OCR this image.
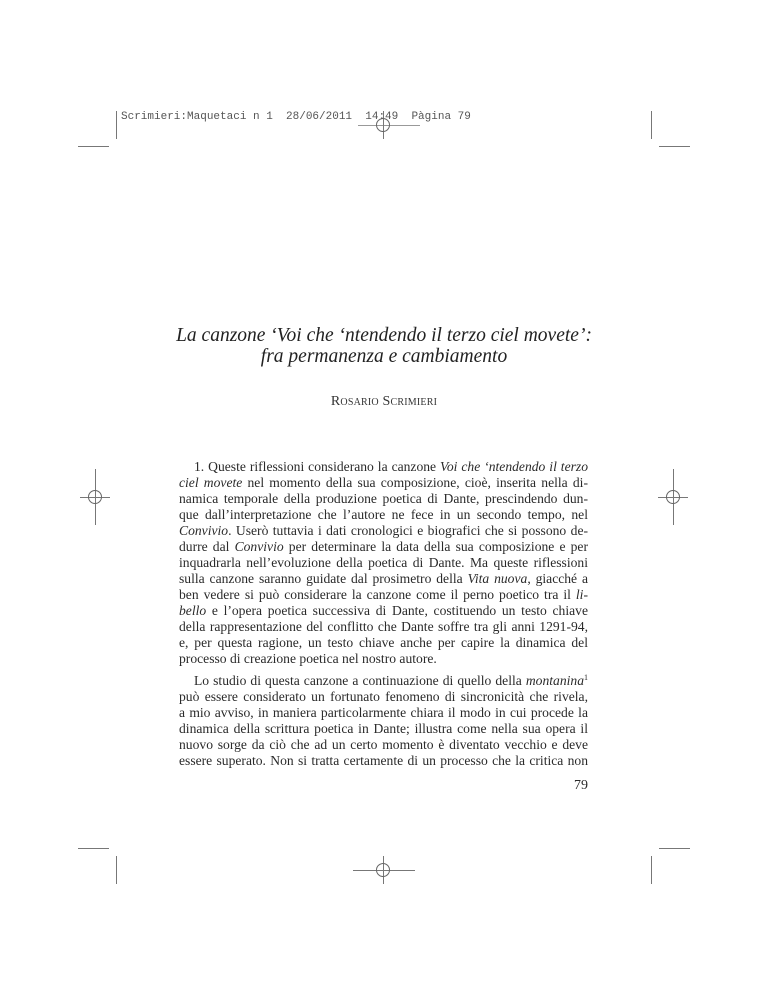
Scrimieri:Maquetaci n 1  28/06/2011  14:49  Pàgina 79
La canzone ‘Voi che ‘ntendendo il terzo ciel movete’:
fra permanenza e cambiamento
Rosario Scrimieri
1. Queste riflessioni considerano la canzone Voi che ‘ntendendo il terzo
ciel movete nel momento della sua composizione, cioè, inserita nella di-
namica temporale della produzione poetica di Dante, prescindendo dun-
que dall’interpretazione che l’autore ne fece in un secondo tempo, nel
Convivio. Userò tuttavia i dati cronologici e biografici che si possono de-
durre dal Convivio per determinare la data della sua composizione e per
inquadrarla nell’evoluzione della poetica di Dante. Ma queste riflessioni
sulla canzone saranno guidate dal prosimetro della Vita nuova, giacché a
ben vedere si può considerare la canzone come il perno poetico tra il li-
bello e l’opera poetica successiva di Dante, costituendo un testo chiave
della rappresentazione del conflitto che Dante soffre tra gli anni 1291-94,
e, per questa ragione, un testo chiave anche per capire la dinamica del
processo di creazione poetica nel nostro autore.
Lo studio di questa canzone a continuazione di quello della montanina$^1$
può essere considerato un fortunato fenomeno di sincronicità che rivela,
a mio avviso, in maniera particolarmente chiara il modo in cui procede la
dinamica della scrittura poetica in Dante; illustra come nella sua opera il
nuovo sorge da ciò che ad un certo momento è diventato vecchio e deve
essere superato. Non si tratta certamente di un processo che la critica non
79
